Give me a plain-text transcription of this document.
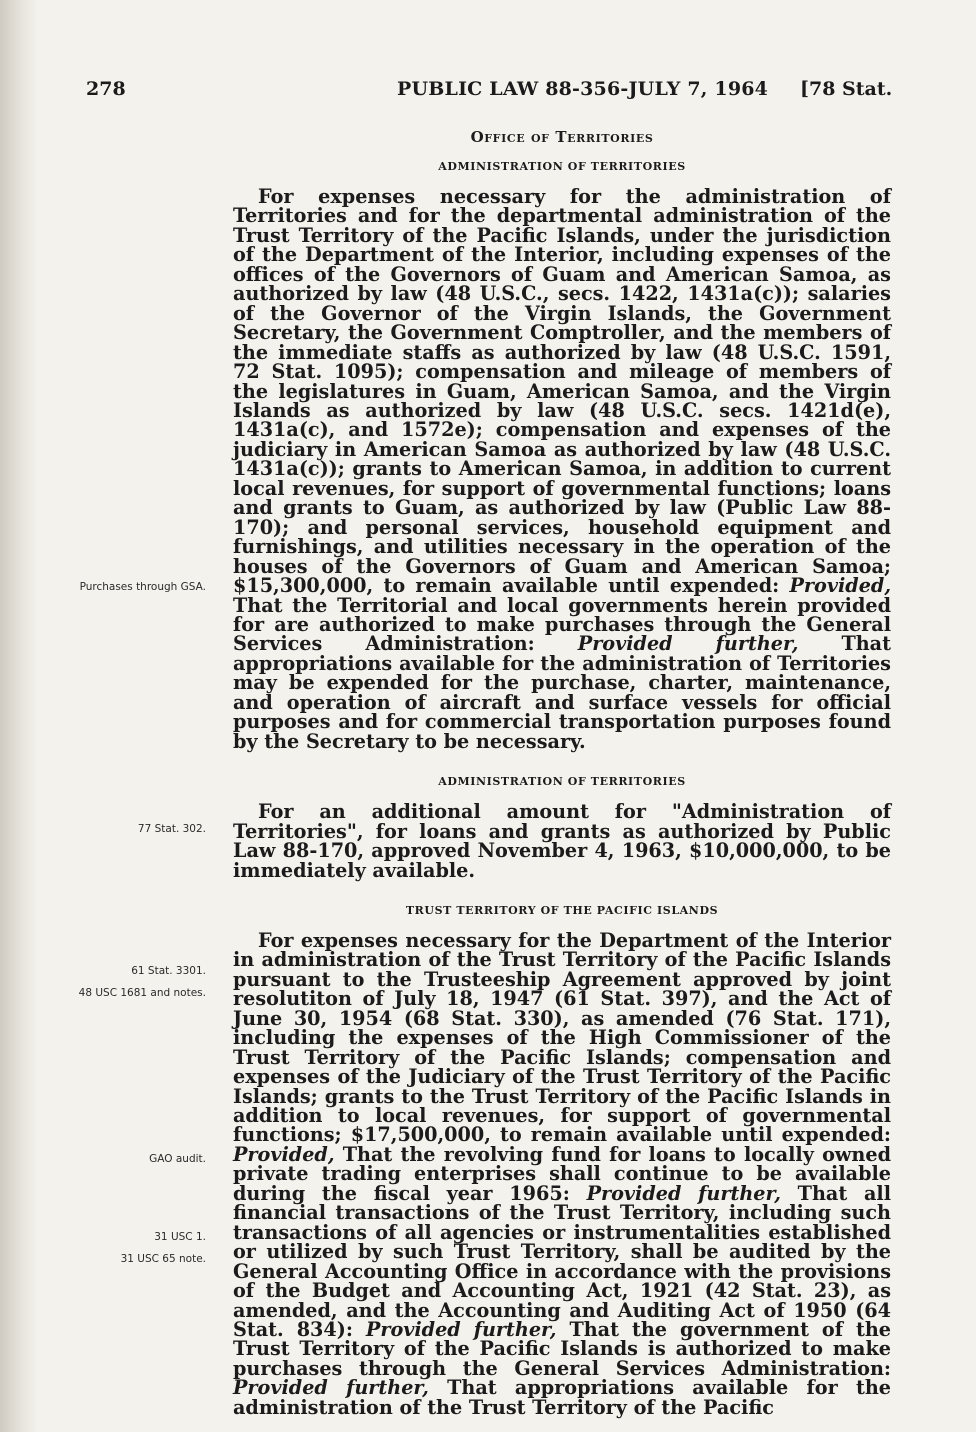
278	PUBLIC LAW 88-356-JULY 7, 1964 [78 Stat.
Purchases through GSA.
77 Stat. 302.
61 Stat. 3301.
48 USC 1681 and notes.
GAO audit.
31 USC 1.
31 USC 65 note.
Office of Territories
ADMINISTRATION OF TERRITORIES

For expenses necessary for the administration of Territories and for the departmental administration of the Trust Territory of the Pacific Islands, under the jurisdiction of the Department of the Interior, including expenses of the offices of the Governors of Guam and American Samoa, as authorized by law (48 U.S.C., secs. 1422, 1431a(c)); salaries of the Governor of the Virgin Islands, the Government Secretary, the Government Comptroller, and the members of the immediate staffs as authorized by law (48 U.S.C. 1591, 72 Stat. 1095); compensation and mileage of members of the legislatures in Guam, American Samoa, and the Virgin Islands as authorized by law (48 U.S.C. secs. 1421d(e), 1431a(c), and 1572e); compensation and expenses of the judiciary in American Samoa as authorized by law (48 U.S.C. 1431a(c)); grants to American Samoa, in addition to current local revenues, for support of governmental functions; loans and grants to Guam, as authorized by law (Public Law 88-170); and personal services, household equipment and furnishings, and utilities necessary in the operation of the houses of the Governors of Guam and American Samoa; $15,300,000, to remain available until expended: Provided, That the Territorial and local governments herein provided for are authorized to make purchases through the General Services Administration: Provided further, That appropriations available for the administration of Territories may be expended for the purchase, charter, maintenance, and operation of aircraft and surface vessels for official purposes and for commercial transportation purposes found by the Secretary to be necessary.

ADMINISTRATION OF TERRITORIES

For an additional amount for "Administration of Territories", for loans and grants as authorized by Public Law 88-170, approved November 4, 1963, $10,000,000, to be immediately available.

TRUST TERRITORY OF THE PACIFIC ISLANDS

For expenses necessary for the Department of the Interior in administration of the Trust Territory of the Pacific Islands pursuant to the Trusteeship Agreement approved by joint resolutiton of July 18, 1947 (61 Stat. 397), and the Act of June 30, 1954 (68 Stat. 330), as amended (76 Stat. 171), including the expenses of the High Commissioner of the Trust Territory of the Pacific Islands; compensation and expenses of the Judiciary of the Trust Territory of the Pacific Islands; grants to the Trust Territory of the Pacific Islands in addition to local revenues, for support of governmental functions; $17,500,000, to remain available until expended: Provided, That the revolving fund for loans to locally owned private trading enterprises shall continue to be available during the fiscal year 1965: Provided further, That all financial transactions of the Trust Territory, including such transactions of all agencies or instrumentalities established or utilized by such Trust Territory, shall be audited by the General Accounting Office in accordance with the provisions of the Budget and Accounting Act, 1921 (42 Stat. 23), as amended, and the Accounting and Auditing Act of 1950 (64 Stat. 834): Provided further, That the government of the Trust Territory of the Pacific Islands is authorized to make purchases through the General Services Administration: Provided further, That appropriations available for the administration of the Trust Territory of the Pacific
